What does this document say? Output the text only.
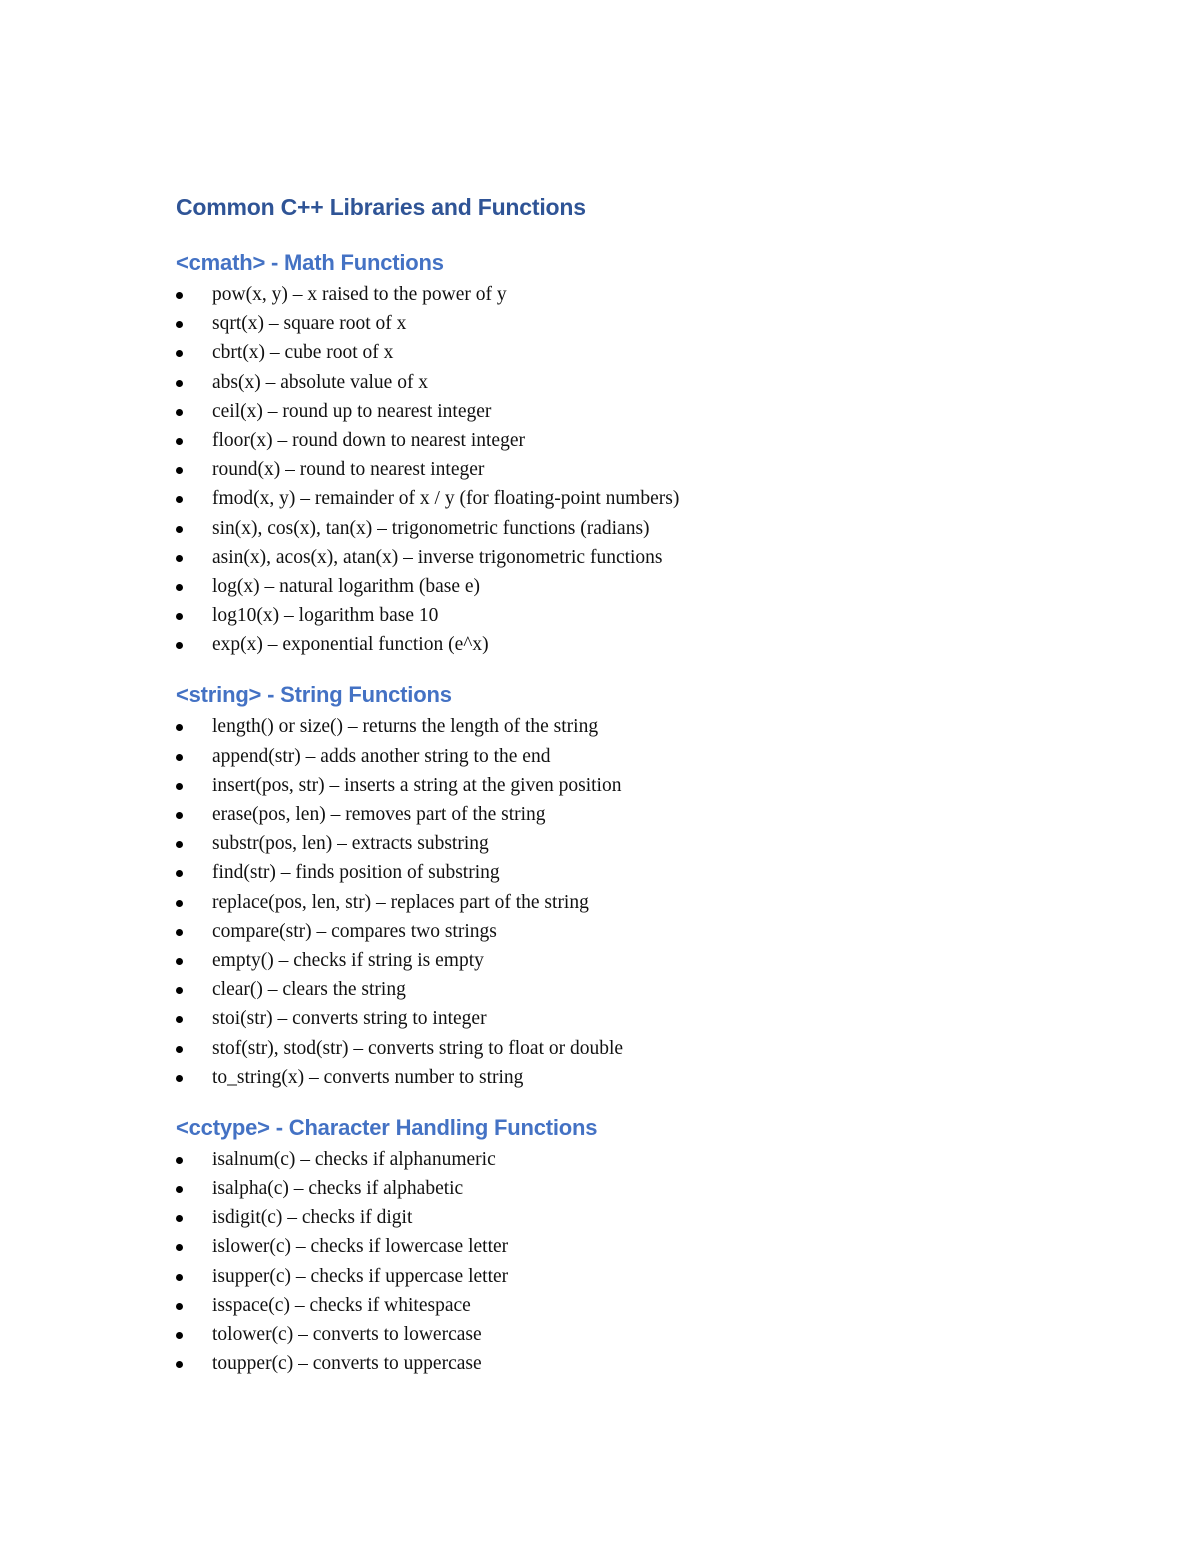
Common C++ Libraries and Functions
<cmath> - Math Functions
pow(x, y) – x raised to the power of y
sqrt(x) – square root of x
cbrt(x) – cube root of x
abs(x) – absolute value of x
ceil(x) – round up to nearest integer
floor(x) – round down to nearest integer
round(x) – round to nearest integer
fmod(x, y) – remainder of x / y (for floating-point numbers)
sin(x), cos(x), tan(x) – trigonometric functions (radians)
asin(x), acos(x), atan(x) – inverse trigonometric functions
log(x) – natural logarithm (base e)
log10(x) – logarithm base 10
exp(x) – exponential function (e^x)
<string> - String Functions
length() or size() – returns the length of the string
append(str) – adds another string to the end
insert(pos, str) – inserts a string at the given position
erase(pos, len) – removes part of the string
substr(pos, len) – extracts substring
find(str) – finds position of substring
replace(pos, len, str) – replaces part of the string
compare(str) – compares two strings
empty() – checks if string is empty
clear() – clears the string
stoi(str) – converts string to integer
stof(str), stod(str) – converts string to float or double
to_string(x) – converts number to string
<cctype> - Character Handling Functions
isalnum(c) – checks if alphanumeric
isalpha(c) – checks if alphabetic
isdigit(c) – checks if digit
islower(c) – checks if lowercase letter
isupper(c) – checks if uppercase letter
isspace(c) – checks if whitespace
tolower(c) – converts to lowercase
toupper(c) – converts to uppercase
